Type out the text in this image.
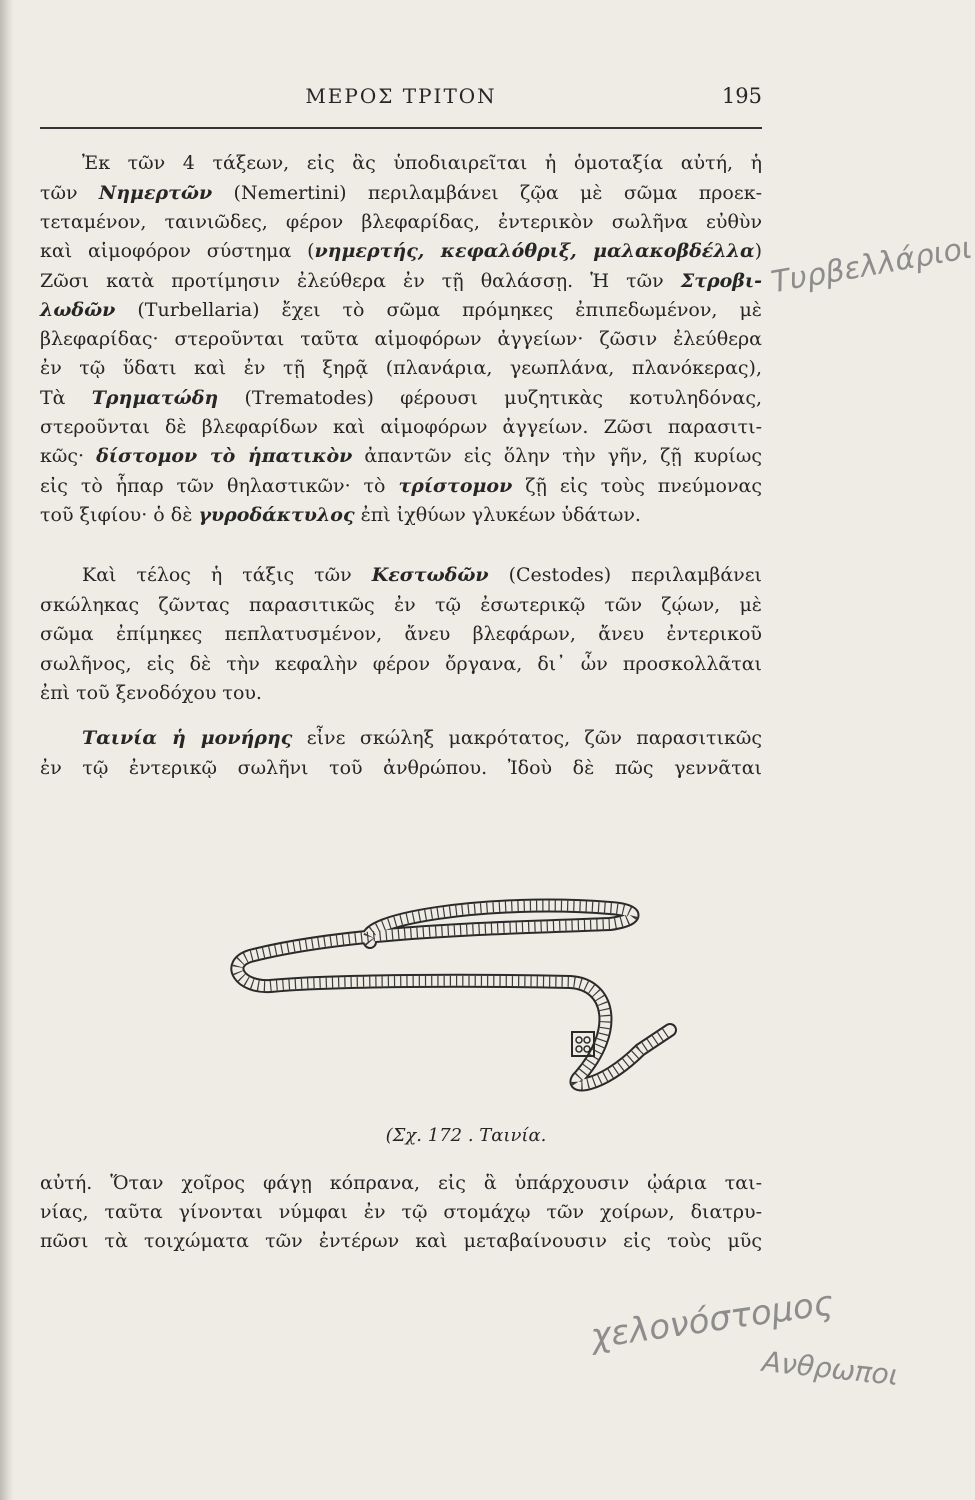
ΜΕΡΟΣ ΤΡΙΤΟΝ	195
Ἐκ τῶν 4 τάξεων, εἰς ἃς ὑποδιαιρεῖται ἡ ὁμοταξία αὐτή, ἡ
τῶν Νημερτῶν (Nemertini) περιλαμβάνει ζῷα μὲ σῶμα προεκ-
τεταμένον, ταινιῶδες, φέρον βλεφαρίδας, ἐντερικὸν σωλῆνα εὐθὺν
καὶ αἱμοφόρον σύστημα (νημερτής, κεφαλόθριξ, μαλακοβδέλλα)
Ζῶσι κατὰ προτίμησιν ἐλεύθερα ἐν τῇ θαλάσσῃ. Ἡ τῶν Στροβι-
λωδῶν (Turbellaria) ἔχει τὸ σῶμα πρόμηκες ἐπιπεδωμένον, μὲ
βλεφαρίδας· στεροῦνται ταῦτα αἱμοφόρων ἀγγείων· ζῶσιν ἐλεύθερα
ἐν τῷ ὕδατι καὶ ἐν τῇ ξηρᾷ (πλανάρια, γεωπλάνα, πλανόκερας),
Τὰ Τρηματώδη (Trematodes) φέρουσι μυζητικὰς κοτυληδόνας,
στεροῦνται δὲ βλεφαρίδων καὶ αἱμοφόρων ἀγγείων. Ζῶσι παρασιτι-
κῶς· δίστομον τὸ ἡπατικὸν ἀπαντῶν εἰς ὅλην τὴν γῆν, ζῇ κυρίως
εἰς τὸ ἧπαρ τῶν θηλαστικῶν· τὸ τρίστομον ζῇ εἰς τοὺς πνεύμονας
τοῦ ξιφίου· ὁ δὲ γυροδάκτυλος ἐπὶ ἰχθύων γλυκέων ὑδάτων.
Καὶ τέλος ἡ τάξις τῶν Κεστωδῶν (Cestodes) περιλαμβάνει
σκώληκας ζῶντας παρασιτικῶς ἐν τῷ ἐσωτερικῷ τῶν ζῴων, μὲ
σῶμα ἐπίμηκες πεπλατυσμένον, ἄνευ βλεφάρων, ἄνευ ἐντερικοῦ
σωλῆνος, εἰς δὲ τὴν κεφαλὴν φέρον ὄργανα, δι᾽ ὧν προσκολλᾶται
ἐπὶ τοῦ ξενοδόχου του.
Ταινία ἡ μονήρης εἶνε σκώληξ μακρότατος, ζῶν παρασιτικῶς
ἐν τῷ ἐντερικῷ σωλῆνι τοῦ ἀνθρώπου. Ἰδοὺ δὲ πῶς γεννᾶται
αὐτή. Ὅταν χοῖρος φάγῃ κόπρανα, εἰς ἃ ὑπάρχουσιν ᾠάρια ται-
νίας, ταῦτα γίνονται νύμφαι ἐν τῷ στομάχῳ τῶν χοίρων, διατρυ-
πῶσι τὰ τοιχώματα τῶν ἐντέρων καὶ μεταβαίνουσιν εἰς τοὺς μῦς
(Σχ. 172 . Ταινία.
Τυρβελλάριοι
χελονόστομος
Ανθρωποι
